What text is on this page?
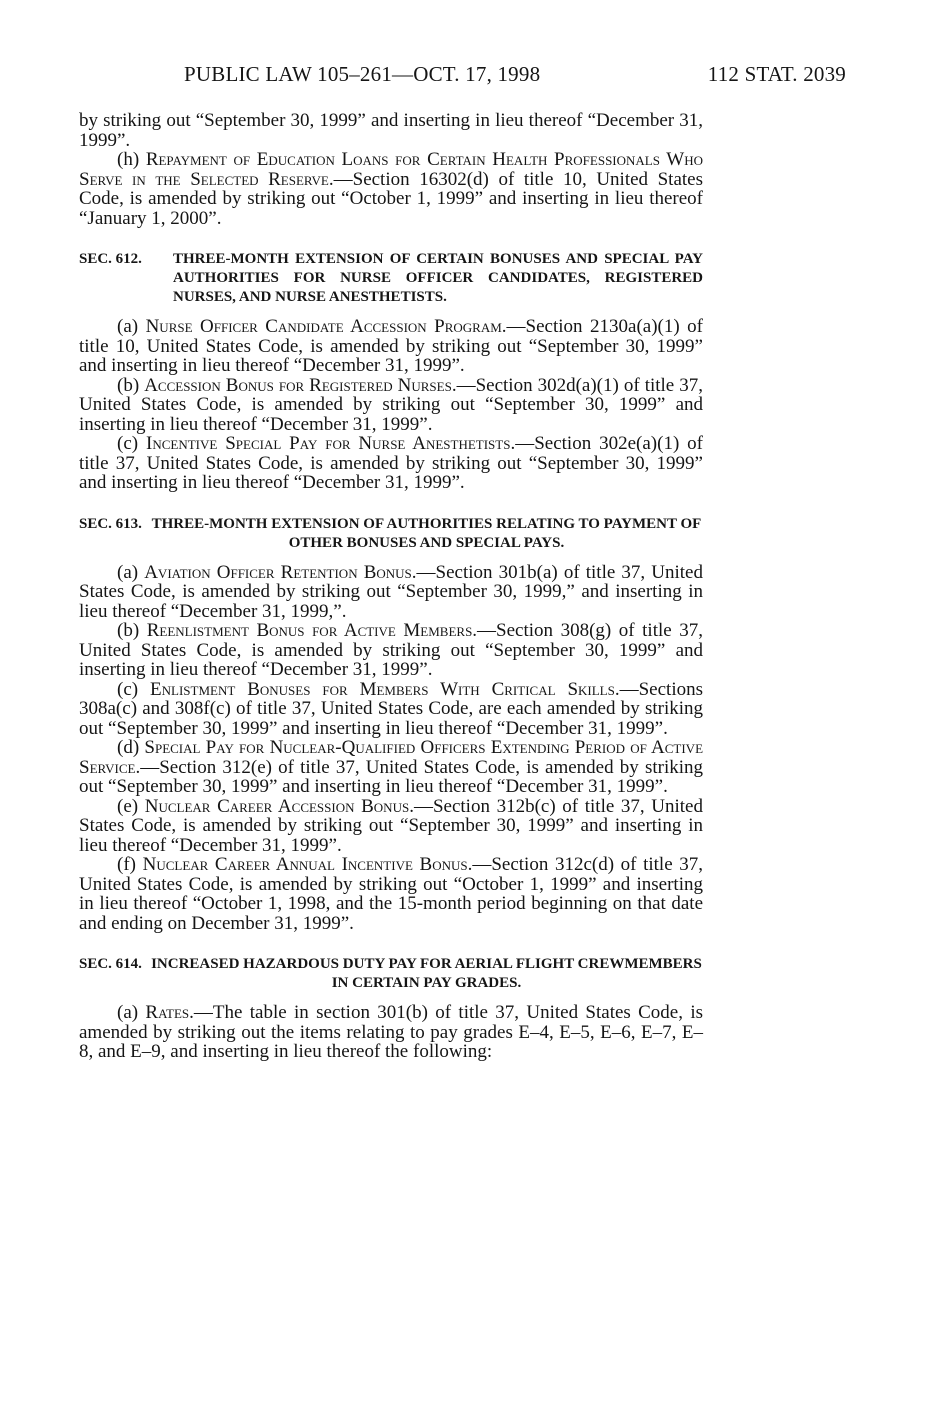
PUBLIC LAW 105–261—OCT. 17, 1998	112 STAT. 2039

by striking out “September 30, 1999” and inserting in lieu thereof “December 31, 1999”.

(h) Repayment of Education Loans for Certain Health Professionals Who Serve in the Selected Reserve.—Section 16302(d) of title 10, United States Code, is amended by striking out “October 1, 1999” and inserting in lieu thereof “January 1, 2000”.

SEC. 612.	THREE-MONTH EXTENSION OF CERTAIN BONUSES AND SPECIAL PAY AUTHORITIES FOR NURSE OFFICER CANDIDATES, REGISTERED NURSES, AND NURSE ANESTHETISTS.

(a) Nurse Officer Candidate Accession Program.—Section 2130a(a)(1) of title 10, United States Code, is amended by striking out “September 30, 1999” and inserting in lieu thereof “December 31, 1999”.

(b) Accession Bonus for Registered Nurses.—Section 302d(a)(1) of title 37, United States Code, is amended by striking out “September 30, 1999” and inserting in lieu thereof “December 31, 1999”.

(c) Incentive Special Pay for Nurse Anesthetists.—Section 302e(a)(1) of title 37, United States Code, is amended by striking out “September 30, 1999” and inserting in lieu thereof “December 31, 1999”.

SEC. 613. THREE-MONTH EXTENSION OF AUTHORITIES RELATING TO PAYMENT OF OTHER BONUSES AND SPECIAL PAYS.

(a) Aviation Officer Retention Bonus.—Section 301b(a) of title 37, United States Code, is amended by striking out “September 30, 1999,” and inserting in lieu thereof “December 31, 1999,”.

(b) Reenlistment Bonus for Active Members.—Section 308(g) of title 37, United States Code, is amended by striking out “September 30, 1999” and inserting in lieu thereof “December 31, 1999”.

(c) Enlistment Bonuses for Members With Critical Skills.—Sections 308a(c) and 308f(c) of title 37, United States Code, are each amended by striking out “September 30, 1999” and inserting in lieu thereof “December 31, 1999”.

(d) Special Pay for Nuclear-Qualified Officers Extending Period of Active Service.—Section 312(e) of title 37, United States Code, is amended by striking out “September 30, 1999” and inserting in lieu thereof “December 31, 1999”.

(e) Nuclear Career Accession Bonus.—Section 312b(c) of title 37, United States Code, is amended by striking out “September 30, 1999” and inserting in lieu thereof “December 31, 1999”.

(f) Nuclear Career Annual Incentive Bonus.—Section 312c(d) of title 37, United States Code, is amended by striking out “October 1, 1999” and inserting in lieu thereof “October 1, 1998, and the 15-month period beginning on that date and ending on December 31, 1999”.

SEC. 614. INCREASED HAZARDOUS DUTY PAY FOR AERIAL FLIGHT CREWMEMBERS IN CERTAIN PAY GRADES.

(a) Rates.—The table in section 301(b) of title 37, United States Code, is amended by striking out the items relating to pay grades E–4, E–5, E–6, E–7, E–8, and E–9, and inserting in lieu thereof the following:
